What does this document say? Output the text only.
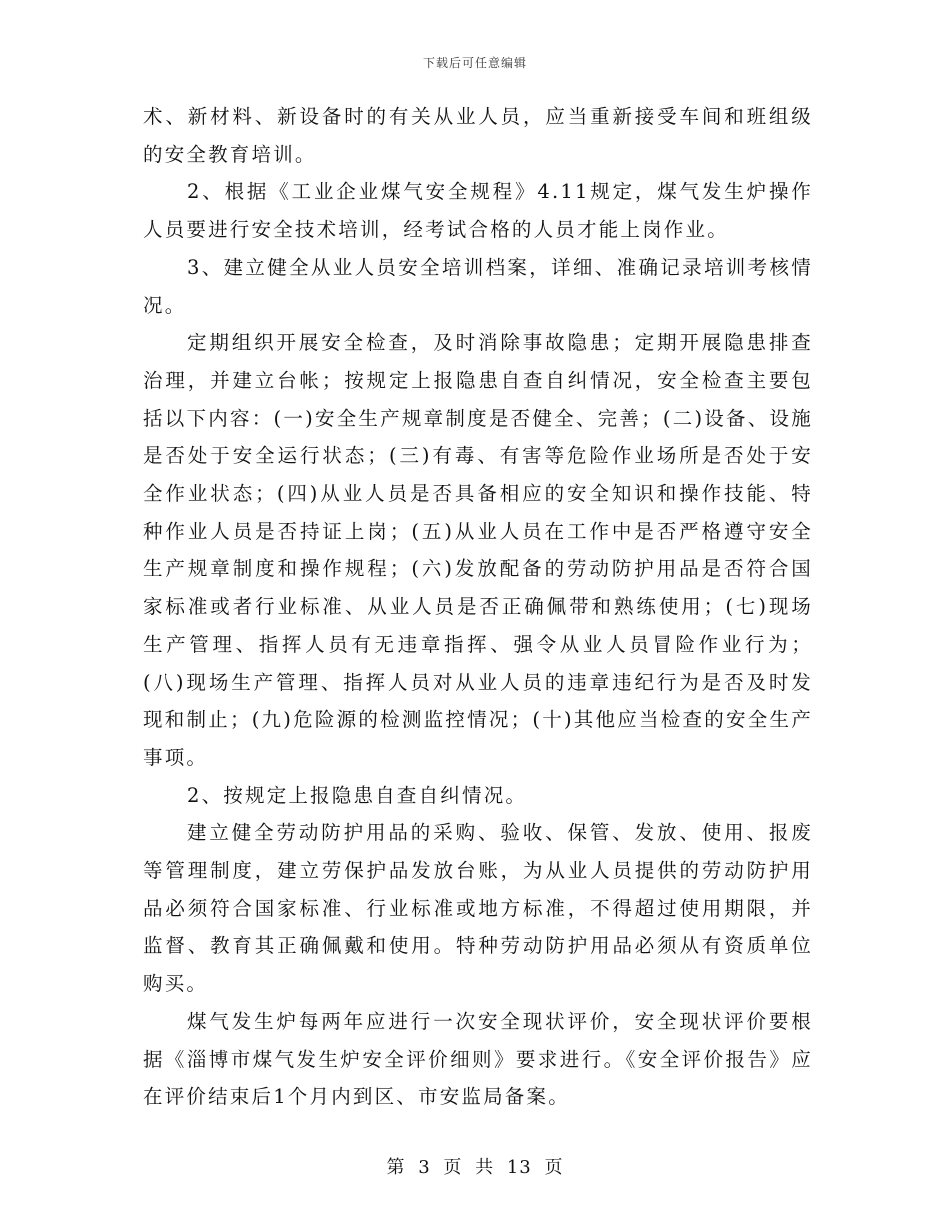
下载后可任意编辑

术、新材料、新设备时的有关从业人员，应当重新接受车间和班组级的安全教育培训。

2、根据《工业企业煤气安全规程》4.11规定，煤气发生炉操作人员要进行安全技术培训，经考试合格的人员才能上岗作业。

3、建立健全从业人员安全培训档案，详细、准确记录培训考核情况。

定期组织开展安全检查，及时消除事故隐患；定期开展隐患排查治理，并建立台帐；按规定上报隐患自查自纠情况，安全检查主要包括以下内容：(一)安全生产规章制度是否健全、完善；(二)设备、设施是否处于安全运行状态；(三)有毒、有害等危险作业场所是否处于安全作业状态；(四)从业人员是否具备相应的安全知识和操作技能、特种作业人员是否持证上岗；(五)从业人员在工作中是否严格遵守安全生产规章制度和操作规程；(六)发放配备的劳动防护用品是否符合国家标准或者行业标准、从业人员是否正确佩带和熟练使用；(七)现场生产管理、指挥人员有无违章指挥、强令从业人员冒险作业行为；(八)现场生产管理、指挥人员对从业人员的违章违纪行为是否及时发现和制止；(九)危险源的检测监控情况；(十)其他应当检查的安全生产事项。

2、按规定上报隐患自查自纠情况。

建立健全劳动防护用品的采购、验收、保管、发放、使用、报废等管理制度，建立劳保护品发放台账，为从业人员提供的劳动防护用品必须符合国家标准、行业标准或地方标准，不得超过使用期限，并监督、教育其正确佩戴和使用。特种劳动防护用品必须从有资质单位购买。

煤气发生炉每两年应进行一次安全现状评价，安全现状评价要根据《淄博市煤气发生炉安全评价细则》要求进行。《安全评价报告》应在评价结束后1个月内到区、市安监局备案。

第 3 页 共 13 页
